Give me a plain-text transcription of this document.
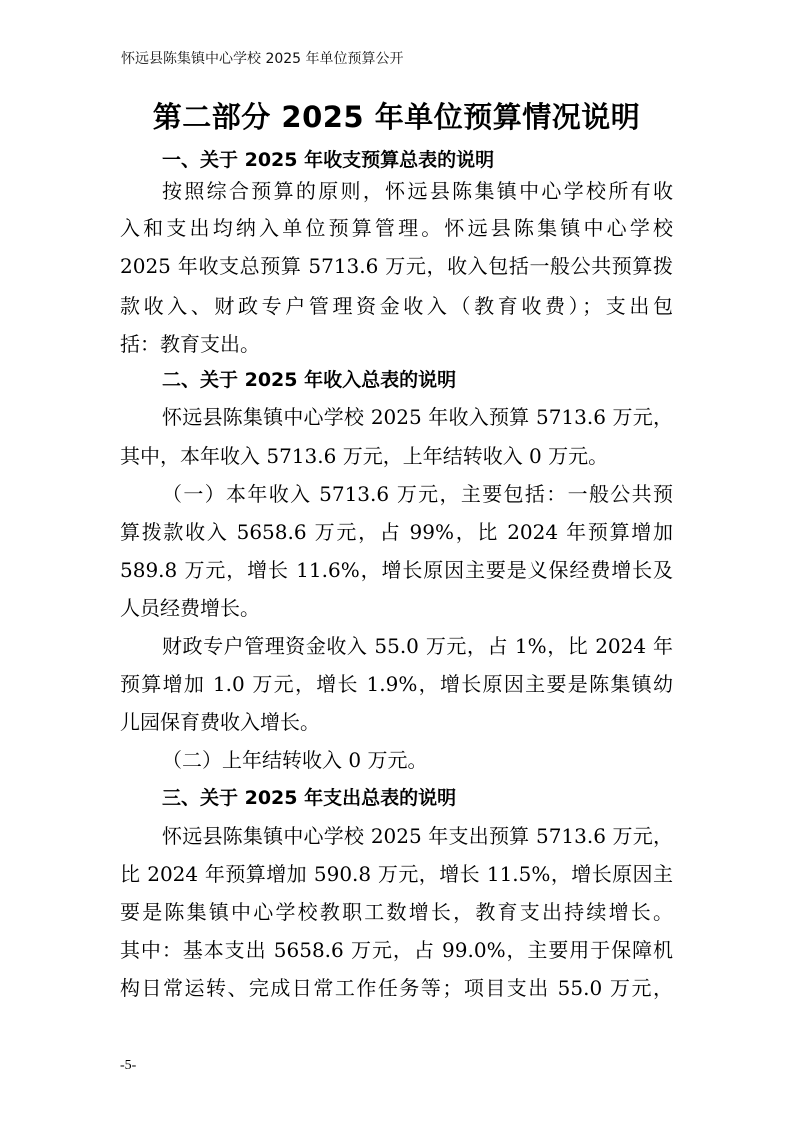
怀远县陈集镇中心学校 2025 年单位预算公开
第二部分 2025 年单位预算情况说明
一、关于 2025 年收支预算总表的说明
按照综合预算的原则，怀远县陈集镇中心学校所有收
入和支出均纳入单位预算管理。怀远县陈集镇中心学校
2025 年收支总预算 5713.6 万元，收入包括一般公共预算拨
款收入、财政专户管理资金收入（教育收费）；支出包
括：教育支出。
二、关于 2025 年收入总表的说明
怀远县陈集镇中心学校 2025 年收入预算 5713.6 万元，
其中，本年收入 5713.6 万元，上年结转收入 0 万元。
（一）本年收入 5713.6 万元，主要包括：一般公共预
算拨款收入 5658.6 万元，占 99%，比 2024 年预算增加
589.8 万元，增长 11.6%，增长原因主要是义保经费增长及
人员经费增长。
财政专户管理资金收入 55.0 万元，占 1%，比 2024 年
预算增加 1.0 万元，增长 1.9%，增长原因主要是陈集镇幼
儿园保育费收入增长。
（二）上年结转收入 0 万元。
三、关于 2025 年支出总表的说明
怀远县陈集镇中心学校 2025 年支出预算 5713.6 万元，
比 2024 年预算增加 590.8 万元，增长 11.5%，增长原因主
要是陈集镇中心学校教职工数增长，教育支出持续增长。
其中：基本支出 5658.6 万元，占 99.0%，主要用于保障机
构日常运转、完成日常工作任务等；项目支出 55.0 万元，
-5-
